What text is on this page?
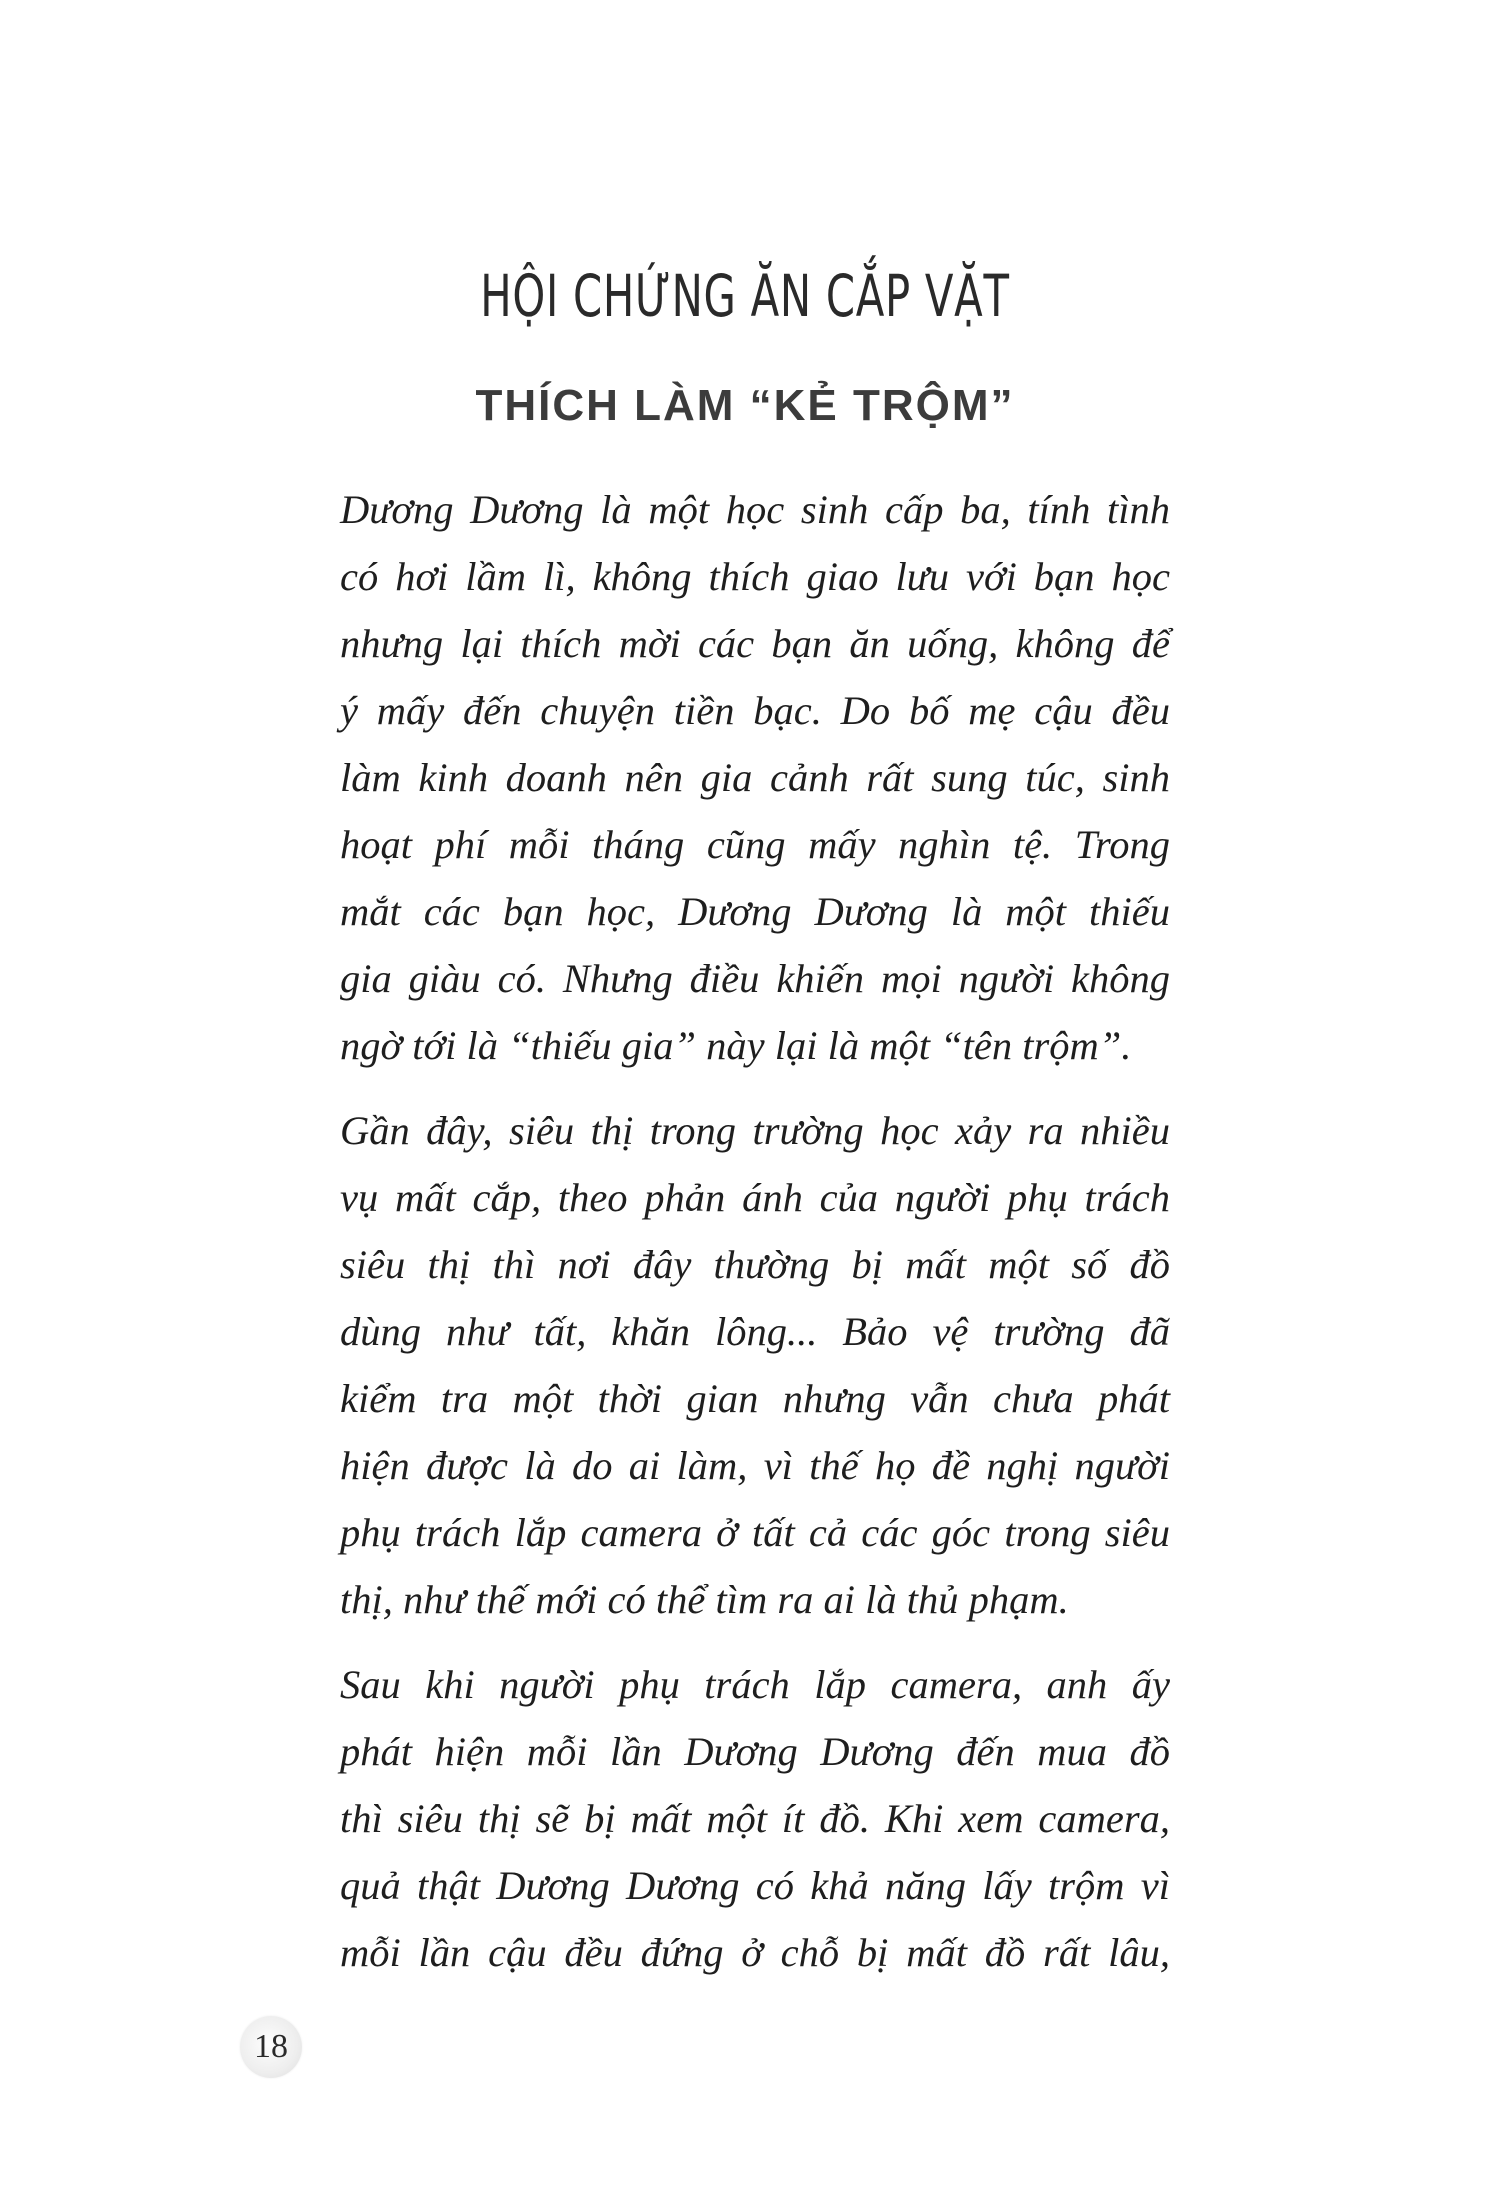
HỘI CHỨNG ĂN CẮP VẶT
THÍCH LÀM “KẺ TRỘM”

Dương Dương là một học sinh cấp ba, tính tình
có hơi lầm lì, không thích giao lưu với bạn học
nhưng lại thích mời các bạn ăn uống, không để
ý mấy đến chuyện tiền bạc. Do bố mẹ cậu đều
làm kinh doanh nên gia cảnh rất sung túc, sinh
hoạt phí mỗi tháng cũng mấy nghìn tệ. Trong
mắt các bạn học, Dương Dương là một thiếu
gia giàu có. Nhưng điều khiến mọi người không
ngờ tới là “thiếu gia” này lại là một “tên trộm”.

Gần đây, siêu thị trong trường học xảy ra nhiều
vụ mất cắp, theo phản ánh của người phụ trách
siêu thị thì nơi đây thường bị mất một số đồ
dùng như tất, khăn lông... Bảo vệ trường đã
kiểm tra một thời gian nhưng vẫn chưa phát
hiện được là do ai làm, vì thế họ đề nghị người
phụ trách lắp camera ở tất cả các góc trong siêu
thị, như thế mới có thể tìm ra ai là thủ phạm.

Sau khi người phụ trách lắp camera, anh ấy
phát hiện mỗi lần Dương Dương đến mua đồ
thì siêu thị sẽ bị mất một ít đồ. Khi xem camera,
quả thật Dương Dương có khả năng lấy trộm vì
mỗi lần cậu đều đứng ở chỗ bị mất đồ rất lâu,

18
